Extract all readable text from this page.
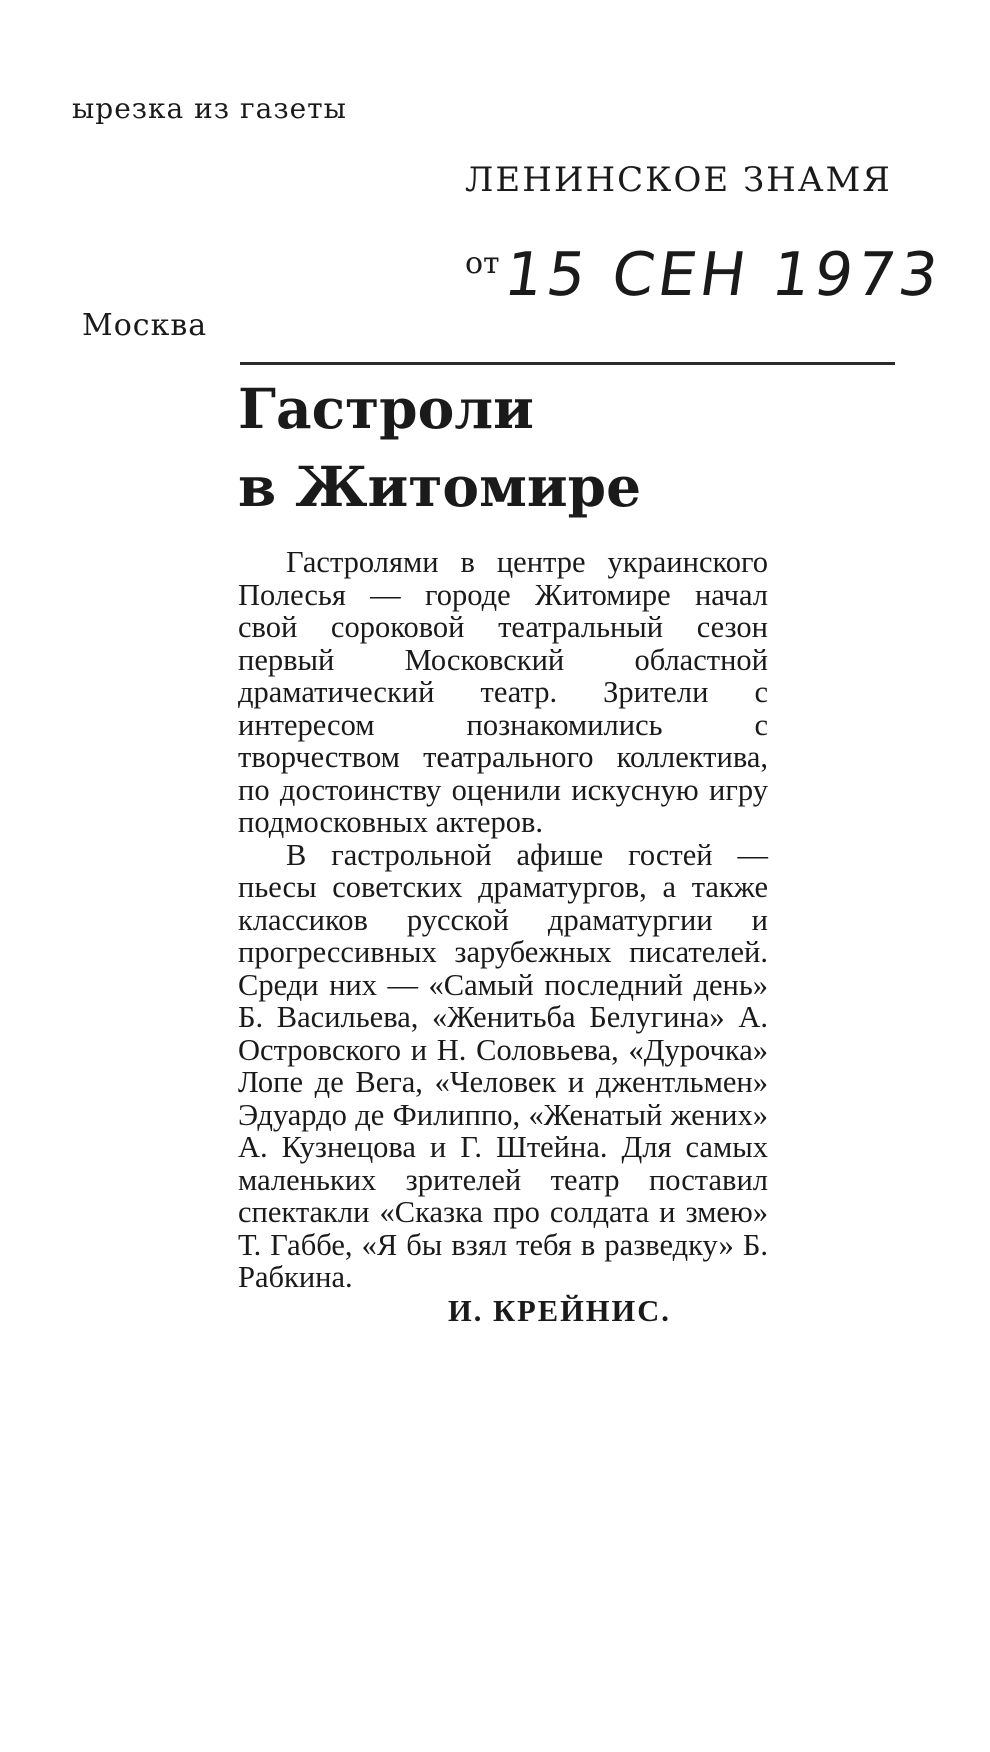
ырезка из газеты
ЛЕНИНСКОЕ ЗНАМЯ
от 15 СЕН 1973
Москва
Гастроли
в Житомире

Гастролями в центре украинского Полесья — городе Житомире начал свой сороковой театральный сезон первый Московский областной драматический театр. Зрители с интересом познакомились с творчеством театрального коллектива, по достоинству оценили искусную игру подмосковных актеров.

В гастрольной афише гостей — пьесы советских драматургов, а также классиков русской драматургии и прогрессивных зарубежных писателей. Среди них — «Самый последний день» Б. Васильева, «Женитьба Белугина» А. Островского и Н. Соловьева, «Дурочка» Лопе де Вега, «Человек и джентльмен» Эдуардо де Филиппо, «Женатый жених» А. Кузнецова и Г. Штейна. Для самых маленьких зрителей театр поставил спектакли «Сказка про солдата и змею» Т. Габбе, «Я бы взял тебя в разведку» Б. Рабкина.

И. КРЕЙНИС.
